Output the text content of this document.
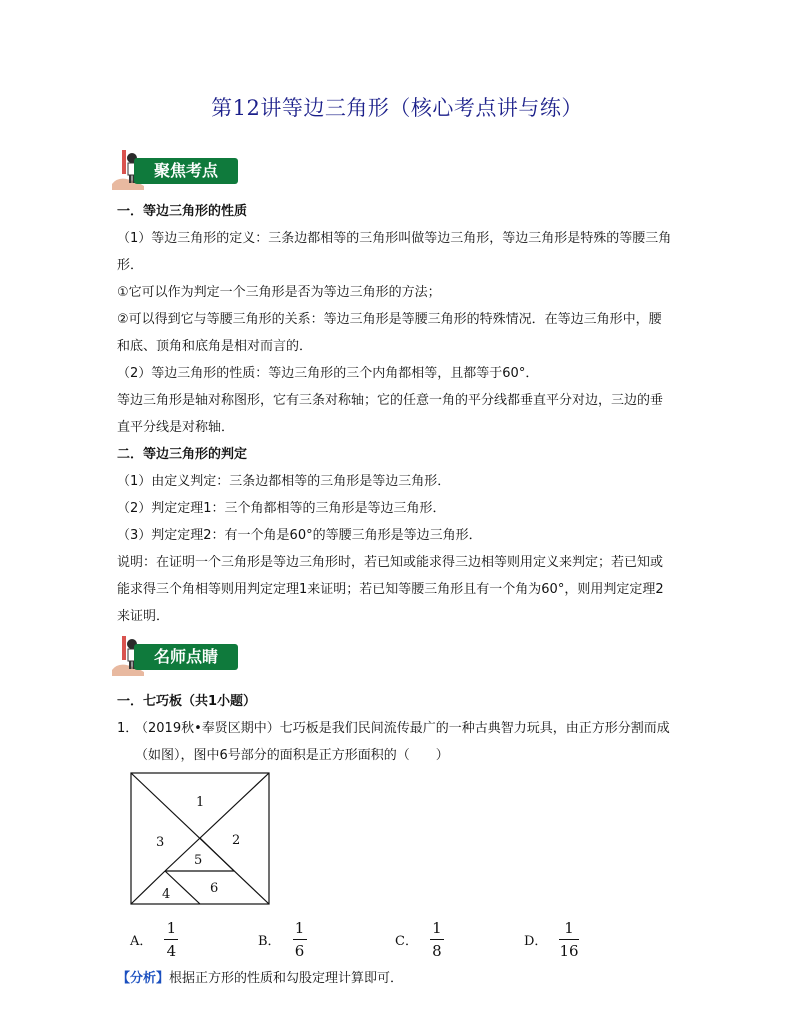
第12讲等边三角形（核心考点讲与练）
聚焦考点

一．等边三角形的性质

（1）等边三角形的定义：三条边都相等的三角形叫做等边三角形，等边三角形是特殊的等腰三角

形．

①它可以作为判定一个三角形是否为等边三角形的方法；

②可以得到它与等腰三角形的关系：等边三角形是等腰三角形的特殊情况．在等边三角形中，腰

和底、顶角和底角是相对而言的．

（2）等边三角形的性质：等边三角形的三个内角都相等，且都等于60°．

等边三角形是轴对称图形，它有三条对称轴；它的任意一角的平分线都垂直平分对边，三边的垂

直平分线是对称轴．

二．等边三角形的判定

（1）由定义判定：三条边都相等的三角形是等边三角形．

（2）判定定理1：三个角都相等的三角形是等边三角形．

（3）判定定理2：有一个角是60°的等腰三角形是等边三角形．

说明：在证明一个三角形是等边三角形时，若已知或能求得三边相等则用定义来判定；若已知或

能求得三个角相等则用判定定理1来证明；若已知等腰三角形且有一个角为60°，则用判定定理2

来证明．

名师点睛

一．七巧板（共1小题）

1．（2019秋•奉贤区期中）七巧板是我们民间流传最广的一种古典智力玩具，由正方形分割而成

（如图），图中6号部分的面积是正方形面积的（　　）

1
2
3
4
5
6
A． $\frac{1}{4}$	B． $\frac{1}{6}$	C． $\frac{1}{8}$	D． $\frac{1}{16}$
【分析】根据正方形的性质和勾股定理计算即可．
